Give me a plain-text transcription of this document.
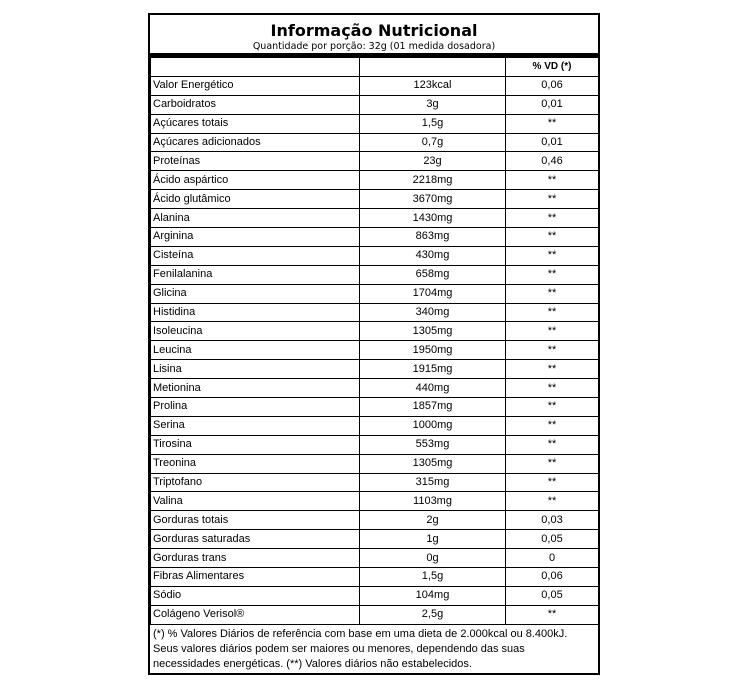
Informação Nutricional
Quantidade por porção: 32g (01 medida dosadora)
		% VD (*)
Valor Energético	123kcal	0,06
Carboidratos	3g	0,01
Açúcares totais	1,5g	**
Açúcares adicionados	0,7g	0,01
Proteínas	23g	0,46
Ácido aspártico	2218mg	**
Ácido glutâmico	3670mg	**
Alanina	1430mg	**
Arginina	863mg	**
Cisteína	430mg	**
Fenilalanina	658mg	**
Glicina	1704mg	**
Histidina	340mg	**
Isoleucina	1305mg	**
Leucina	1950mg	**
Lisina	1915mg	**
Metionina	440mg	**
Prolina	1857mg	**
Serina	1000mg	**
Tirosina	553mg	**
Treonina	1305mg	**
Triptofano	315mg	**
Valina	1103mg	**
Gorduras totais	2g	0,03
Gorduras saturadas	1g	0,05
Gorduras trans	0g	0
Fibras Alimentares	1,5g	0,06
Sódio	104mg	0,05
Colágeno Verisol®	2,5g	**
(*) % Valores Diários de referência com base em uma dieta de 2.000kcal ou 8.400kJ. Seus valores diários podem ser maiores ou menores, dependendo das suas necessidades energéticas. (**) Valores diários não estabelecidos.
